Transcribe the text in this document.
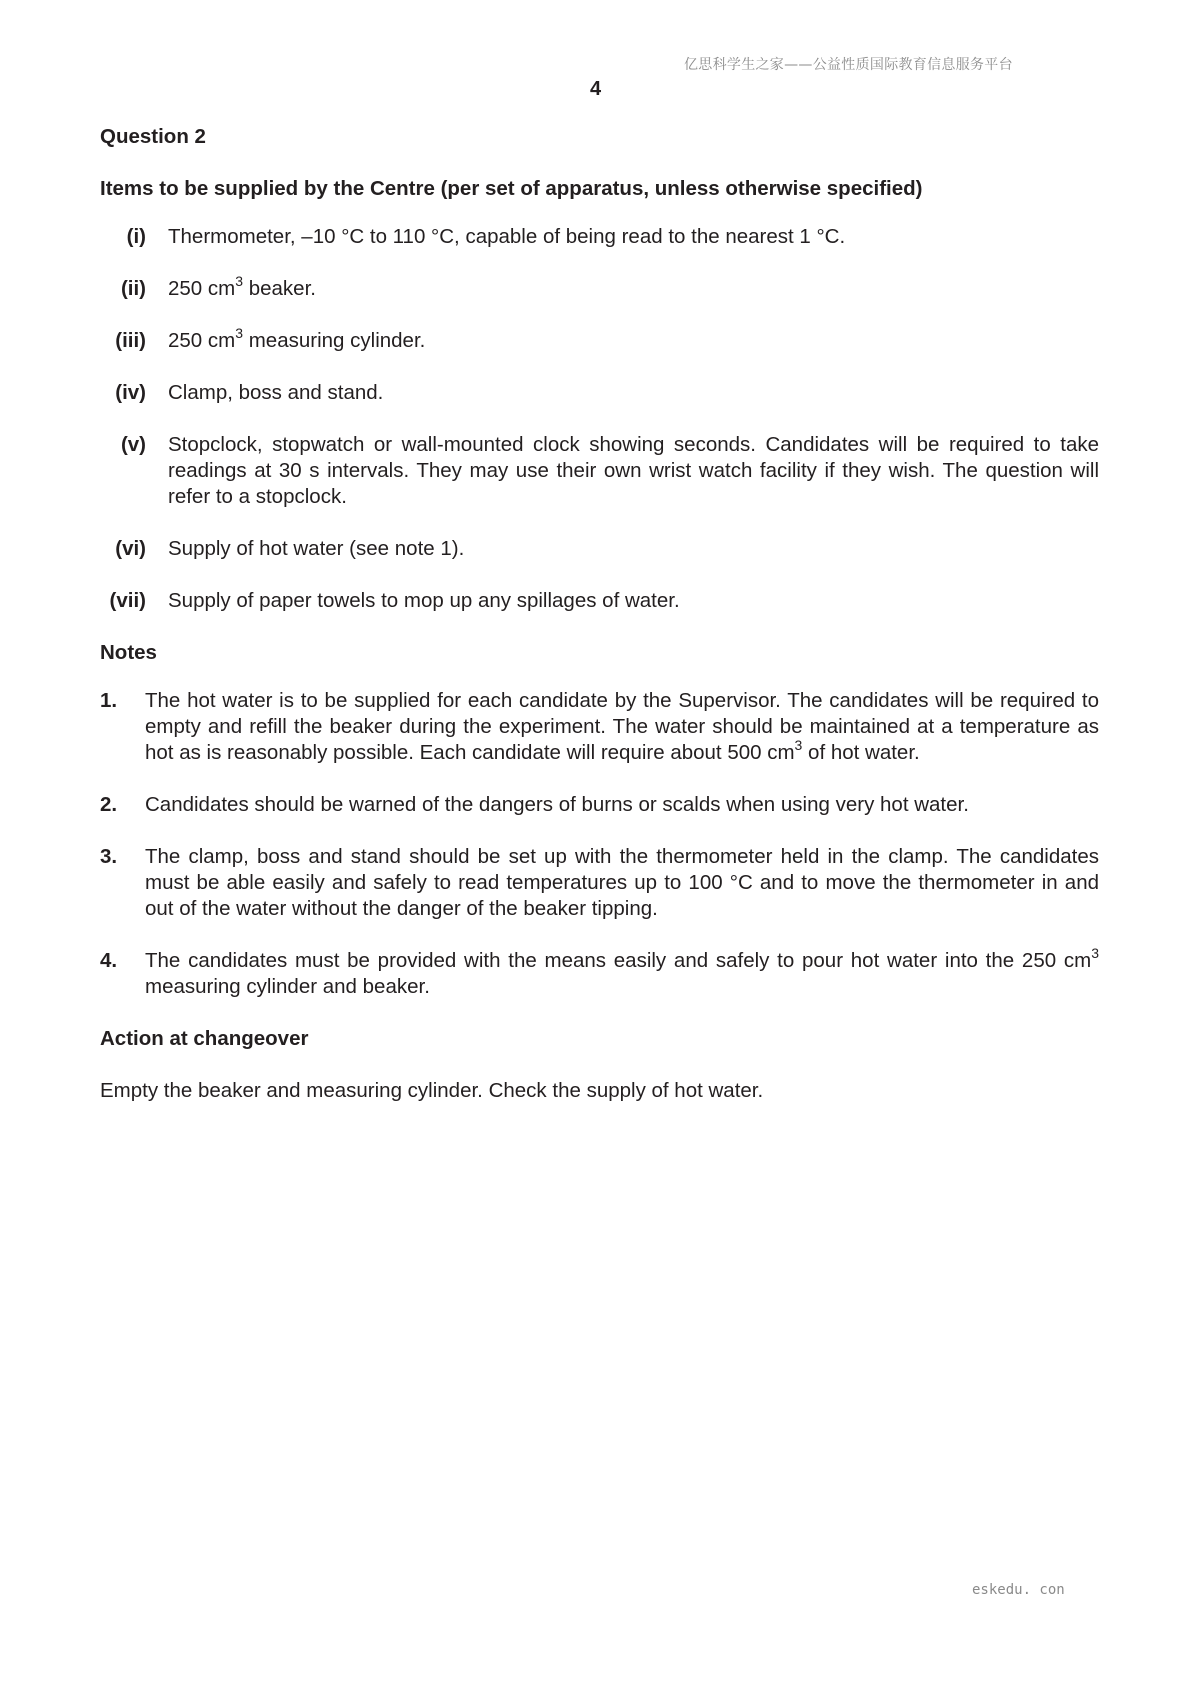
亿思科学生之家——公益性质国际教育信息服务平台
4

Question 2

Items to be supplied by the Centre (per set of apparatus, unless otherwise specified)

(i) Thermometer, –10 °C to 110 °C, capable of being read to the nearest 1 °C.
(ii) 250 $cm^3$ beaker.
(iii) 250 $cm^3$ measuring cylinder.
(iv) Clamp, boss and stand.
(v) Stopclock, stopwatch or wall-mounted clock showing seconds. Candidates will be required to take readings at 30 s intervals. They may use their own wrist watch facility if they wish. The question will refer to a stopclock.
(vi) Supply of hot water (see note 1).
(vii) Supply of paper towels to mop up any spillages of water.

Notes

1.	The hot water is to be supplied for each candidate by the Supervisor. The candidates will be required to empty and refill the beaker during the experiment. The water should be maintained at a temperature as hot as is reasonably possible. Each candidate will require about 500 $cm^3$ of hot water.
2.	Candidates should be warned of the dangers of burns or scalds when using very hot water.
3.	The clamp, boss and stand should be set up with the thermometer held in the clamp. The candidates must be able easily and safely to read temperatures up to 100 °C and to move the thermometer in and out of the water without the danger of the beaker tipping.
4.	The candidates must be provided with the means easily and safely to pour hot water into the 250 $cm^3$ measuring cylinder and beaker.

Action at changeover

Empty the beaker and measuring cylinder. Check the supply of hot water.

eskedu. con
